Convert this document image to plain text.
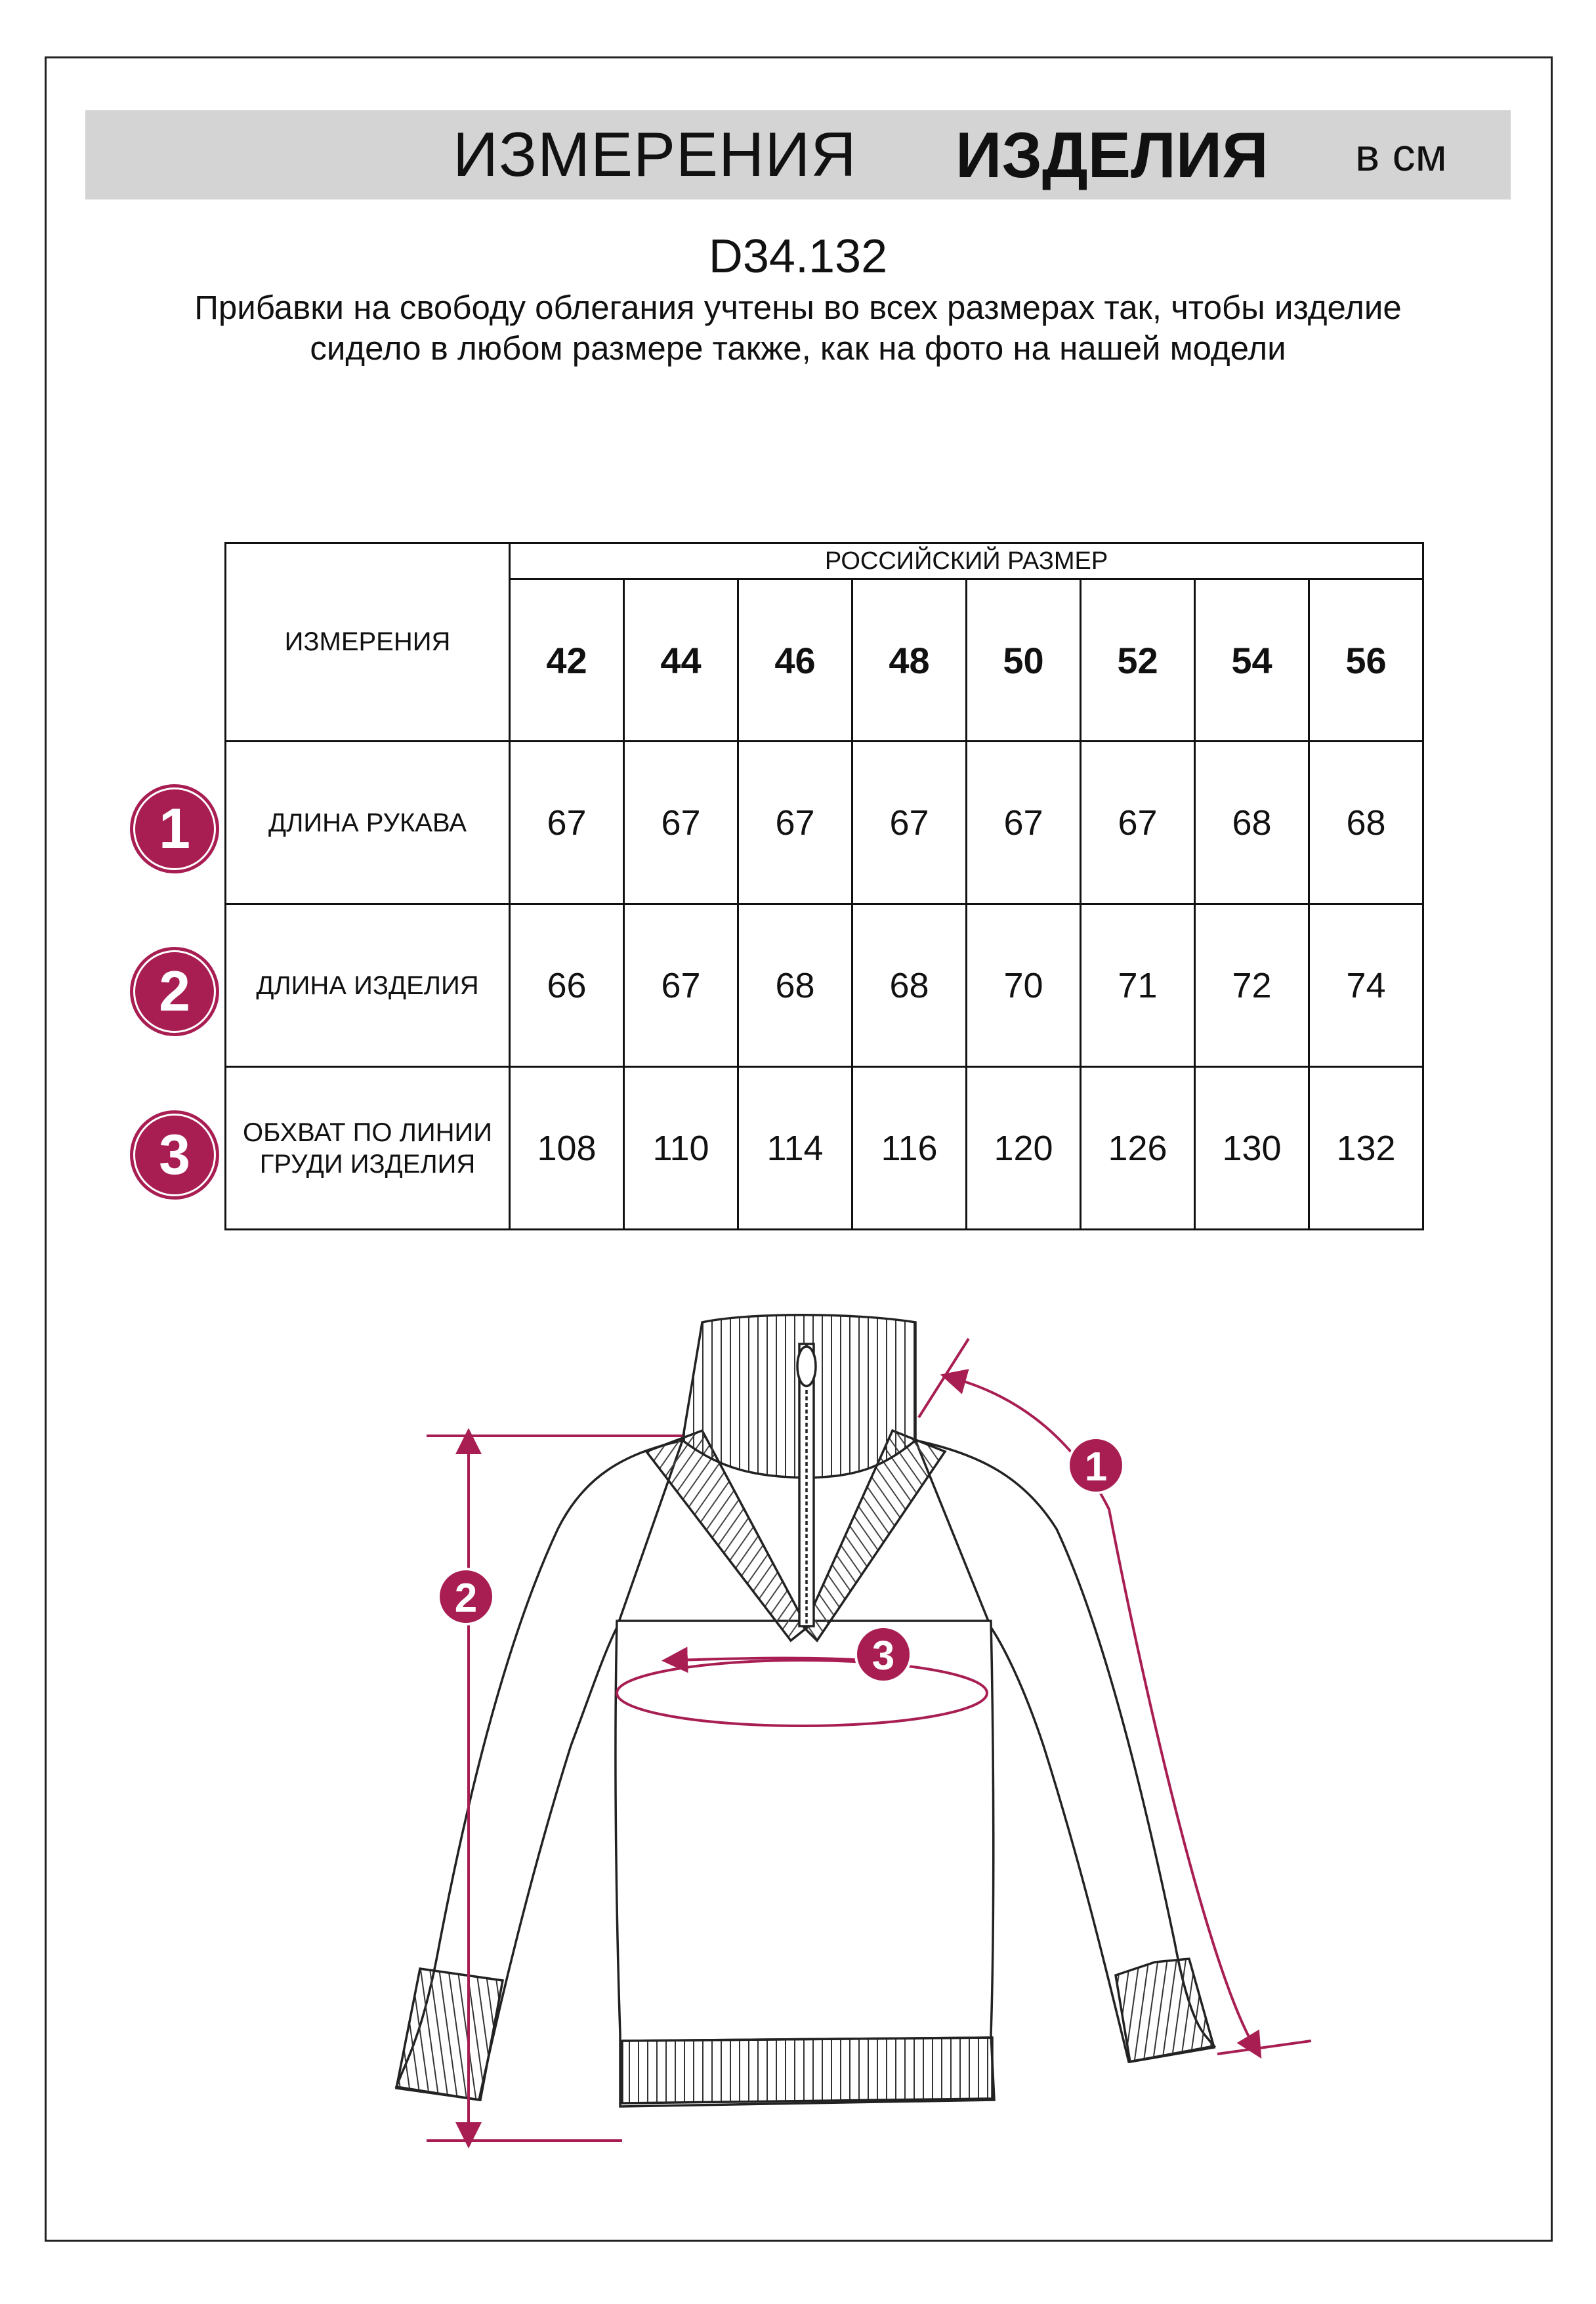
ИЗМЕРЕНИЯ ИЗДЕЛИЯ в см
D34.132
Прибавки на свободу облегания учтены во всех размерах так, чтобы изделие сидело в любом размере также, как на фото на нашей модели
ИЗМЕРЕНИЯ	РОССИЙСКИЙ РАЗМЕР							
	42	44	46	48	50	52	54	56
ДЛИНА РУКАВА	67	67	67	67	67	67	68	68
ДЛИНА ИЗДЕЛИЯ	66	67	68	68	70	71	72	74
ОБХВАТ ПО ЛИНИИ ГРУДИ ИЗДЕЛИЯ	108	110	114	116	120	126	130	132
1
2
3
1
2
3
